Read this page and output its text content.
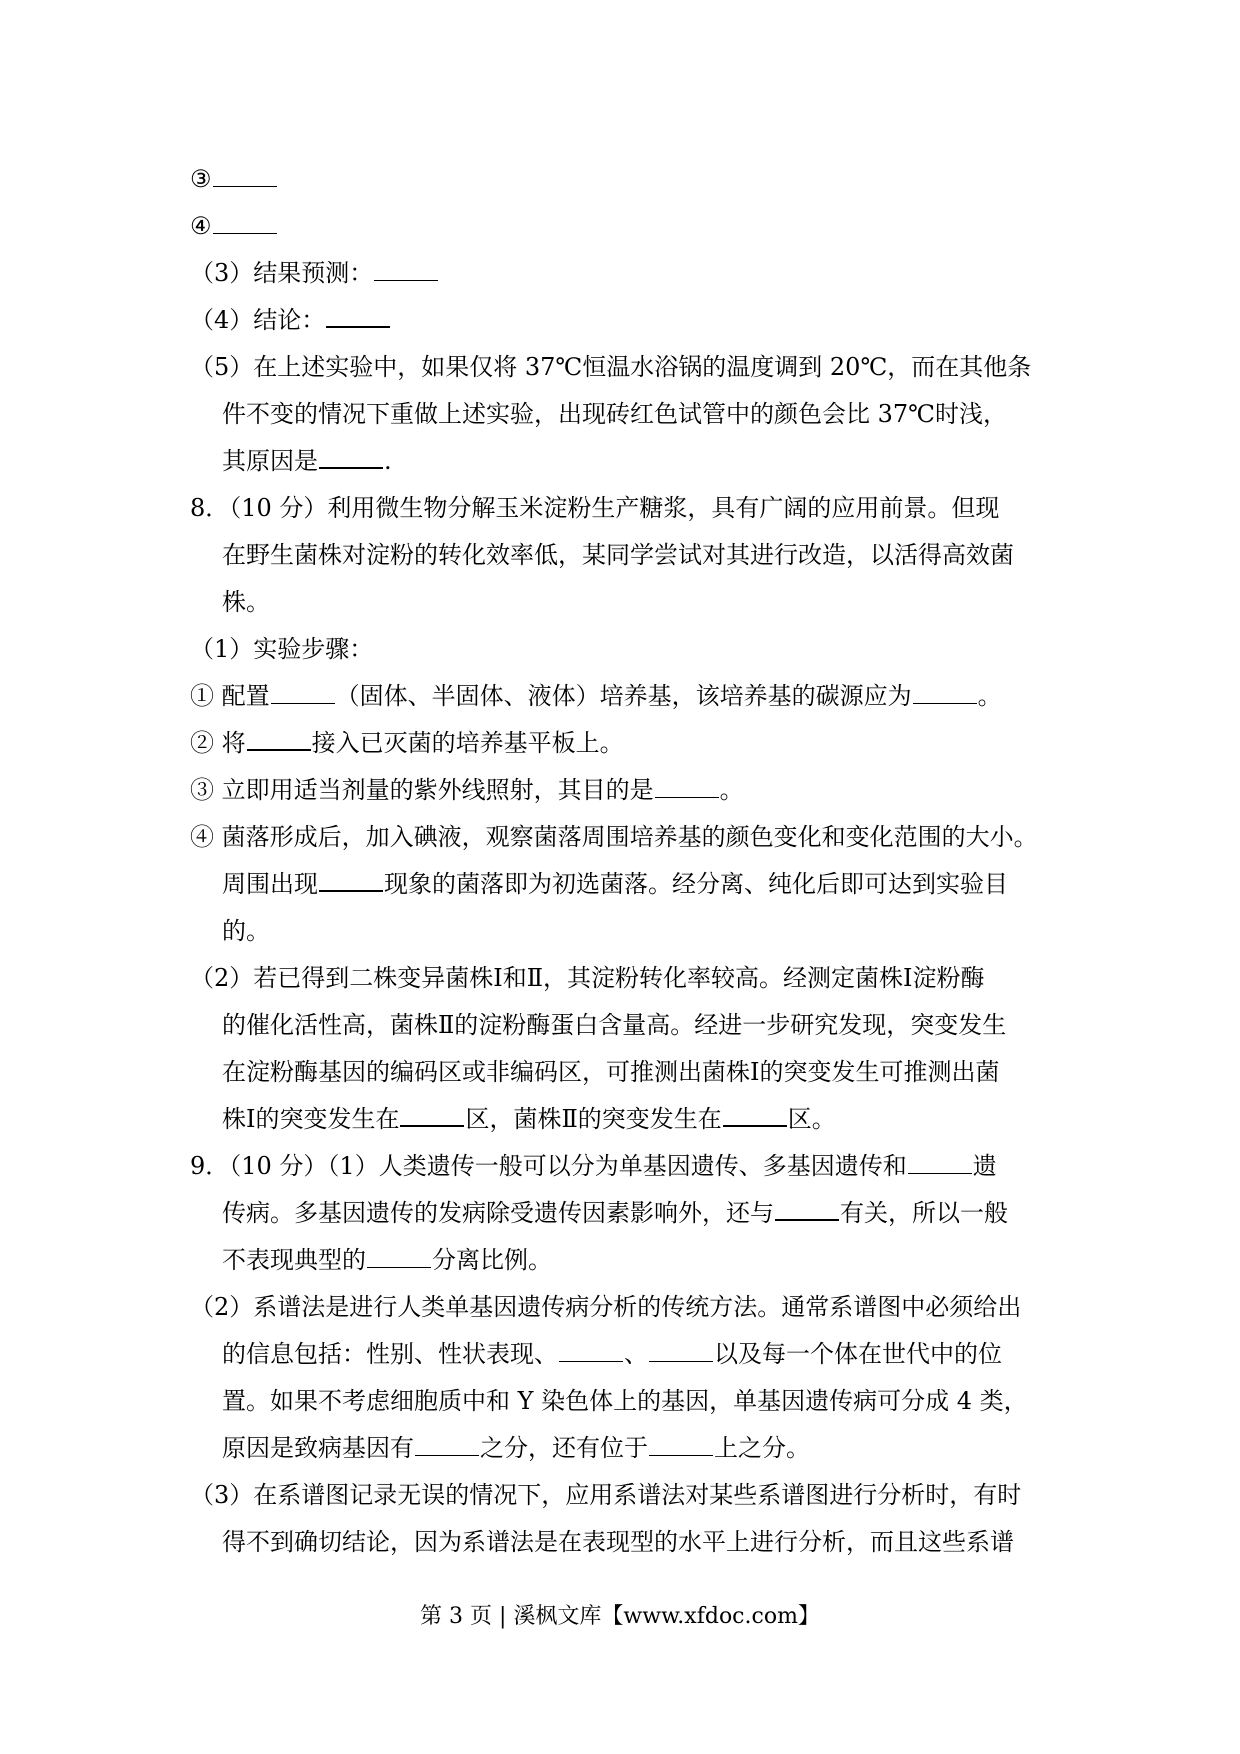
③
④
（3）结果预测：
（4）结论：
（5）在上述实验中，如果仅将 37℃恒温水浴锅的温度调到 20℃，而在其他条
件不变的情况下重做上述实验，出现砖红色试管中的颜色会比 37℃时浅，
其原因是	.
8．（10 分）利用微生物分解玉米淀粉生产糖浆，具有广阔的应用前景。但现
在野生菌株对淀粉的转化效率低，某同学尝试对其进行改造，以活得高效菌
株。
（1）实验步骤：
① 配置	（固体、半固体、液体）培养基，该培养基的碳源应为	。
② 将	接入已灭菌的培养基平板上。
③ 立即用适当剂量的紫外线照射，其目的是	。
④ 菌落形成后，加入碘液，观察菌落周围培养基的颜色变化和变化范围的大小。
周围出现	现象的菌落即为初选菌落。经分离、纯化后即可达到实验目
的。
（2）若已得到二株变异菌株Ⅰ和Ⅱ，其淀粉转化率较高。经测定菌株Ⅰ淀粉酶
的催化活性高，菌株Ⅱ的淀粉酶蛋白含量高。经进一步研究发现，突变发生
在淀粉酶基因的编码区或非编码区，可推测出菌株Ⅰ的突变发生可推测出菌
株Ⅰ的突变发生在	区，菌株Ⅱ的突变发生在	区。
9．（10 分）（1）人类遗传一般可以分为单基因遗传、多基因遗传和	遗
传病。多基因遗传的发病除受遗传因素影响外，还与	有关，所以一般
不表现典型的	分离比例。
（2）系谱法是进行人类单基因遗传病分析的传统方法。通常系谱图中必须给出
的信息包括：性别、性状表现、	、	以及每一个体在世代中的位
置。如果不考虑细胞质中和 Y 染色体上的基因，单基因遗传病可分成 4 类，
原因是致病基因有	之分，还有位于	上之分。
（3）在系谱图记录无误的情况下，应用系谱法对某些系谱图进行分析时，有时
得不到确切结论，因为系谱法是在表现型的水平上进行分析，而且这些系谱
第 3 页 | 溪枫文库【www.xfdoc.com】
